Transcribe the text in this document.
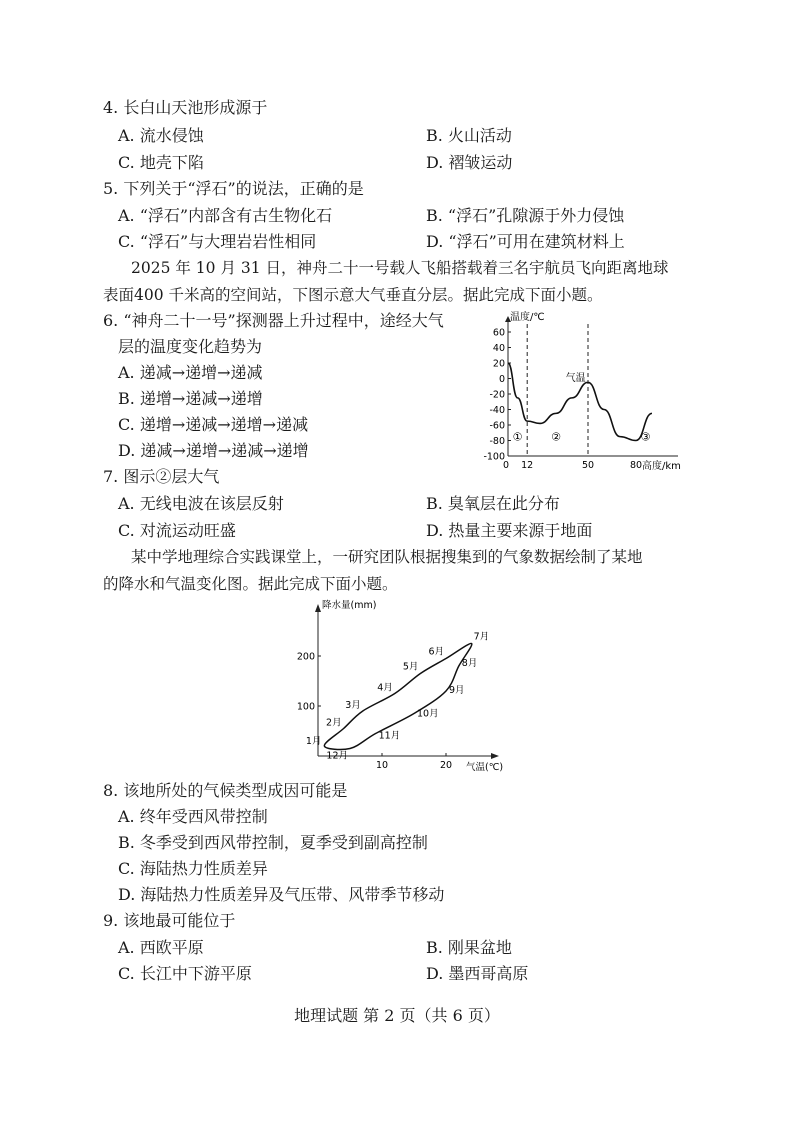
4. 长白山天池形成源于
A. 流水侵蚀	B. 火山活动
C. 地壳下陷	D. 褶皱运动
5. 下列关于“浮石”的说法，正确的是
A. “浮石”内部含有古生物化石	B. “浮石”孔隙源于外力侵蚀
C. “浮石”与大理岩岩性相同	D. “浮石”可用在建筑材料上
2025 年 10 月 31 日，神舟二十一号载人飞船搭载着三名宇航员飞向距离地球
表面400 千米高的空间站，下图示意大气垂直分层。据此完成下面小题。
6. “神舟二十一号”探测器上升过程中，途经大气
层的温度变化趋势为
A. 递减→递增→递减
B. 递增→递减→递增
C. 递增→递减→递增→递减
D. 递减→递增→递减→递增
温度/℃
高度/km
60
40
20
0
-20
-40
-60
-80
-100
0 12	50	80
气温
①	②	③
7. 图示②层大气
A. 无线电波在该层反射	B. 臭氧层在此分布
C. 对流运动旺盛	D. 热量主要来源于地面
某中学地理综合实践课堂上，一研究团队根据搜集到的气象数据绘制了某地
的降水和气温变化图。据此完成下面小题。
降水量(mm)
气温(℃)
200
100
10	20
1月
2月
3月
4月
5月
6月
7月
8月
9月
10月
11月
12月
8. 该地所处的气候类型成因可能是
A. 终年受西风带控制
B. 冬季受到西风带控制，夏季受到副高控制
C. 海陆热力性质差异
D. 海陆热力性质差异及气压带、风带季节移动
9. 该地最可能位于
A. 西欧平原	B. 刚果盆地
C. 长江中下游平原	D. 墨西哥高原
地理试题 第 2 页（共 6 页）
